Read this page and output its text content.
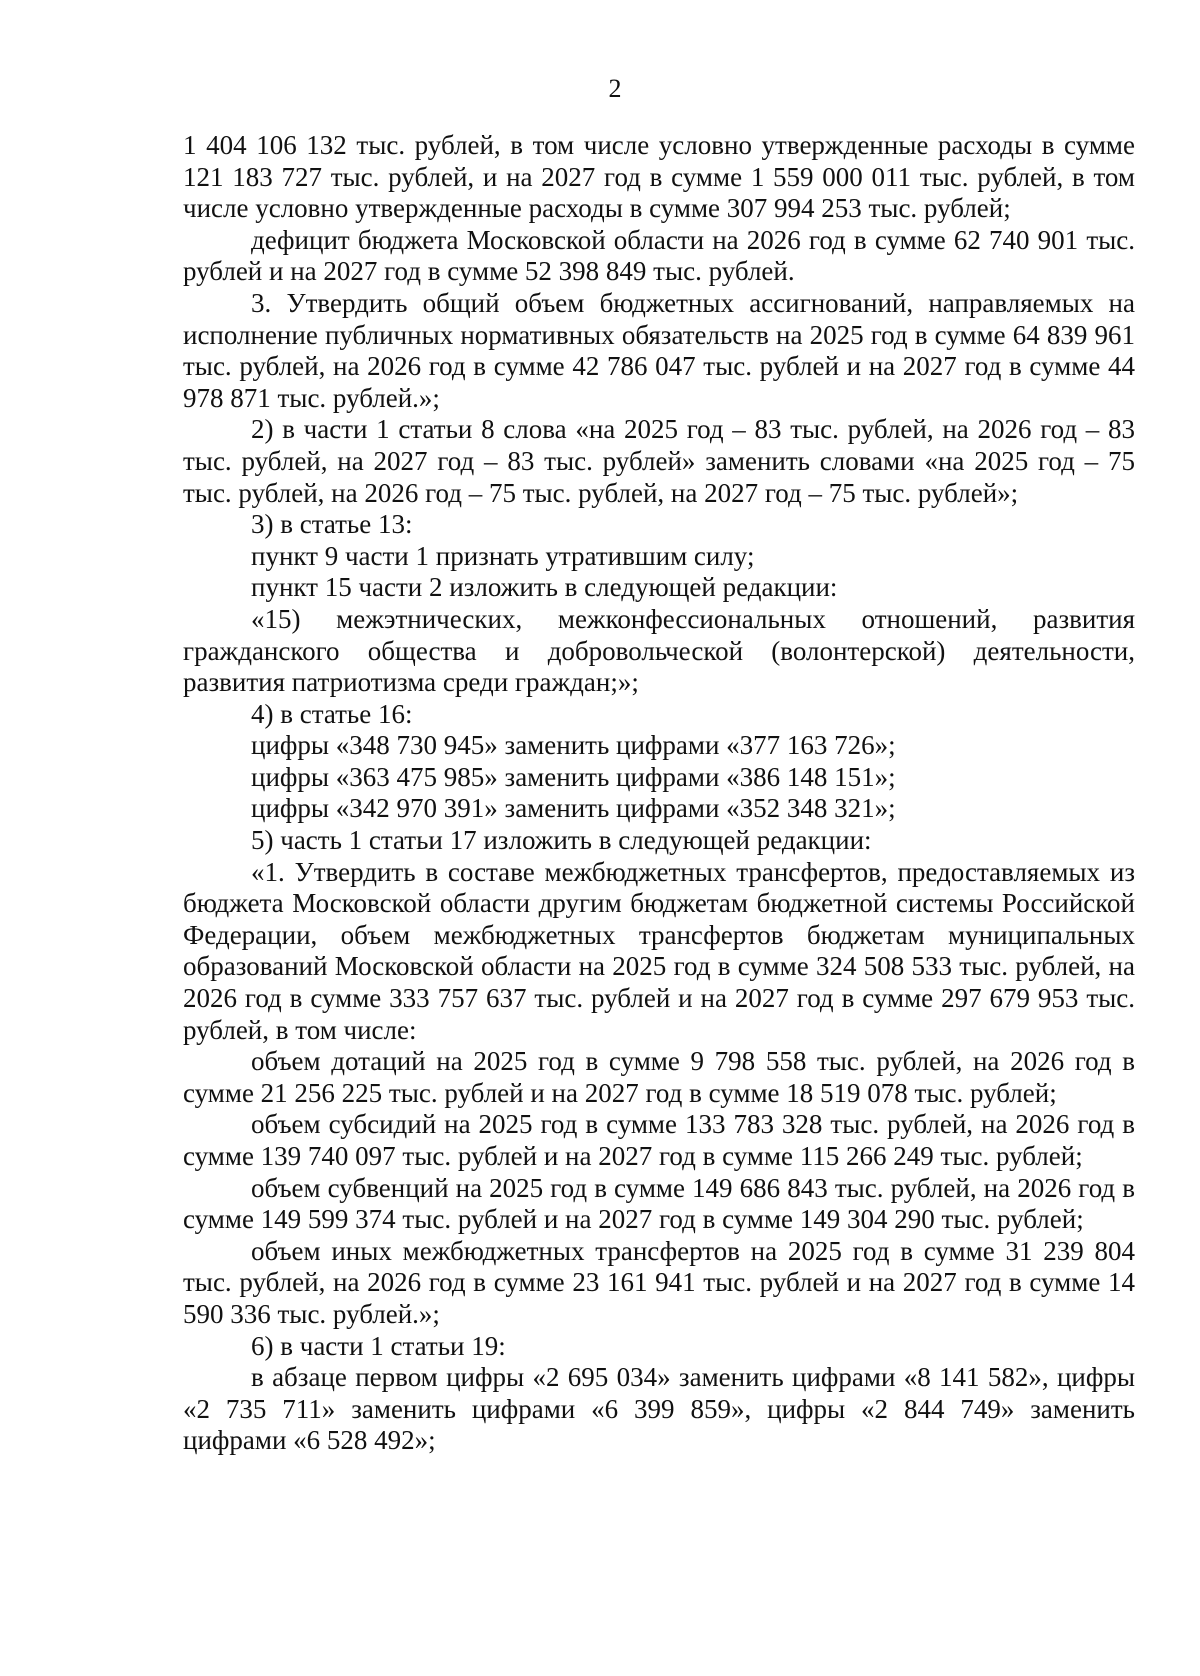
2

1 404 106 132 тыс. рублей, в том числе условно утвержденные расходы в сумме 121 183 727 тыс. рублей, и на 2027 год в сумме 1 559 000 011 тыс. рублей, в том числе условно утвержденные расходы в сумме 307 994 253 тыс. рублей;

дефицит бюджета Московской области на 2026 год в сумме 62 740 901 тыс. рублей и на 2027 год в сумме 52 398 849 тыс. рублей.

3. Утвердить общий объем бюджетных ассигнований, направляемых на исполнение публичных нормативных обязательств на 2025 год в сумме 64 839 961 тыс. рублей, на 2026 год в сумме 42 786 047 тыс. рублей и на 2027 год в сумме 44 978 871 тыс. рублей.»;

2) в части 1 статьи 8 слова «на 2025 год – 83 тыс. рублей, на 2026 год – 83 тыс. рублей, на 2027 год – 83 тыс. рублей» заменить словами «на 2025 год – 75 тыс. рублей, на 2026 год – 75 тыс. рублей, на 2027 год – 75 тыс. рублей»;

3) в статье 13:

пункт 9 части 1 признать утратившим силу;

пункт 15 части 2 изложить в следующей редакции:

«15) межэтнических, межконфессиональных отношений, развития гражданского общества и добровольческой (волонтерской) деятельности, развития патриотизма среди граждан;»;

4) в статье 16:

цифры «348 730 945» заменить цифрами «377 163 726»;

цифры «363 475 985» заменить цифрами «386 148 151»;

цифры «342 970 391» заменить цифрами «352 348 321»;

5) часть 1 статьи 17 изложить в следующей редакции:

«1. Утвердить в составе межбюджетных трансфертов, предоставляемых из бюджета Московской области другим бюджетам бюджетной системы Российской Федерации, объем межбюджетных трансфертов бюджетам муниципальных образований Московской области на 2025 год в сумме 324 508 533 тыс. рублей, на 2026 год в сумме 333 757 637 тыс. рублей и на 2027 год в сумме 297 679 953 тыс. рублей, в том числе:

объем дотаций на 2025 год в сумме 9 798 558 тыс. рублей, на 2026 год в сумме 21 256 225 тыс. рублей и на 2027 год в сумме 18 519 078 тыс. рублей;

объем субсидий на 2025 год в сумме 133 783 328 тыс. рублей, на 2026 год в сумме 139 740 097 тыс. рублей и на 2027 год в сумме 115 266 249 тыс. рублей;

объем субвенций на 2025 год в сумме 149 686 843 тыс. рублей, на 2026 год в сумме 149 599 374 тыс. рублей и на 2027 год в сумме 149 304 290 тыс. рублей;

объем иных межбюджетных трансфертов на 2025 год в сумме 31 239 804 тыс. рублей, на 2026 год в сумме 23 161 941 тыс. рублей и на 2027 год в сумме 14 590 336 тыс. рублей.»;

6) в части 1 статьи 19:

в абзаце первом цифры «2 695 034» заменить цифрами «8 141 582», цифры «2 735 711» заменить цифрами «6 399 859», цифры «2 844 749» заменить цифрами «6 528 492»;
